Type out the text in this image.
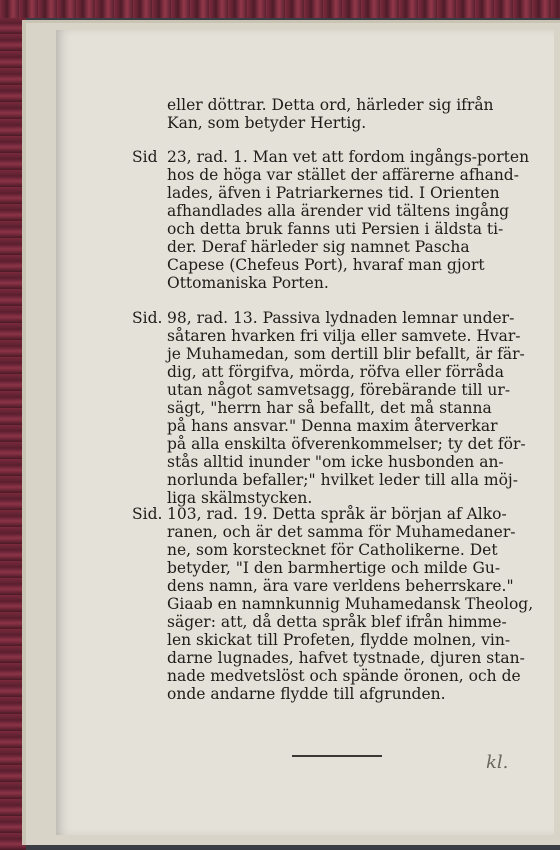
eller döttrar. Detta ord, härleder sig ifrån
Kan, som betyder Hertig.
Sid 23, rad. 1. Man vet att fordom ingångs-porten
hos de höga var stället der affärerne afhand-
lades, äfven i Patriarkernes tid. I Orienten
afhandlades alla ärender vid tältens ingång
och detta bruk fanns uti Persien i äldsta ti-
der. Deraf härleder sig namnet Pascha
Capese (Chefeus Port), hvaraf man gjort
Ottomaniska Porten.
Sid. 98, rad. 13. Passiva lydnaden lemnar under-
såtaren hvarken fri vilja eller samvete. Hvar-
je Muhamedan, som dertill blir befallt, är fär-
dig, att förgifva, mörda, röfva eller förråda
utan något samvetsagg, förebärande till ur-
sägt, "herrn har så befallt, det må stanna
på hans ansvar." Denna maxim återverkar
på alla enskilta öfverenkommelser; ty det för-
stås alltid inunder "om icke husbonden an-
norlunda befaller;" hvilket leder till alla möj-
liga skälmstycken.
Sid. 103, rad. 19. Detta språk är början af Alko-
ranen, och är det samma för Muhamedaner-
ne, som korstecknet för Catholikerne. Det
betyder, "I den barmhertige och milde Gu-
dens namn, ära vare verldens beherrskare."
Giaab en namnkunnig Muhamedansk Theolog,
säger: att, då detta språk blef ifrån himme-
len skickat till Profeten, flydde molnen, vin-
darne lugnades, hafvet tystnade, djuren stan-
nade medvetslöst och spände öronen, och de
onde andarne flydde till afgrunden.
kl.
